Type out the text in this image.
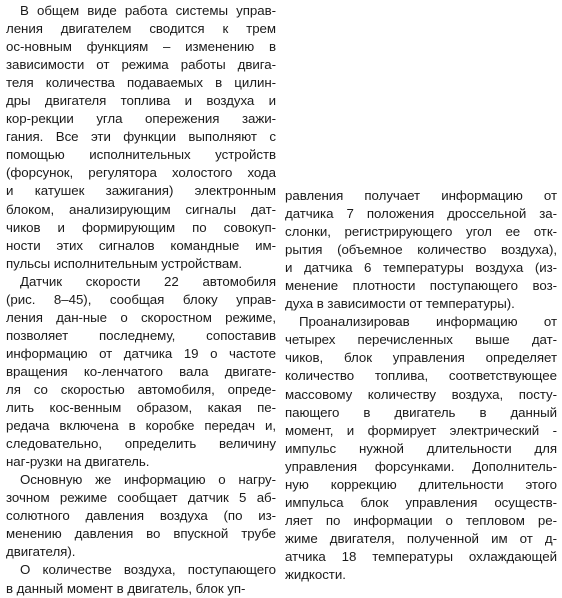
В общем виде работа системы управ-
ления двигателем сводится к трем
ос-новным функциям – изменению в
зависимости от режима работы двига-
теля количества подаваемых в цилин-
дры двигателя топлива и воздуха и
кор-рекции угла опережения зажи-
гания. Все эти функции выполняют с
помощью исполнительных устройств
(форсунок, регулятора холостого хода
и катушек зажигания) электронным
блоком, анализирующим сигналы дат-
чиков и формирующим по совокуп-
ности этих сигналов командные им-
пульсы исполнительным устройствам.
Датчик скорости 22 автомобиля
(рис. 8–45), сообщая блоку управ-
ления дан-ные о скоростном режиме,
позволяет последнему, сопоставив
информацию от датчика 19 о частоте
вращения ко-ленчатого вала двигате-
ля со скоростью автомобиля, опреде-
лить кос-венным образом, какая пе-
редача включена в коробке передач и,
следовательно, определить величину
наг-рузки на двигатель.
Основную же информацию о нагру-
зочном режиме сообщает датчик 5 аб-
солютного давления воздуха (по из-
менению давления во впускной трубе
двигателя).
О количестве воздуха, поступающего
в данный момент в двигатель, блок уп-
равления получает информацию от
датчика 7 положения дроссельной за-
слонки, регистрирующего угол ее отк-
рытия (объемное количество воздуха),
и датчика 6 температуры воздуха (из-
менение плотности поступающего воз-
духа в зависимости от температуры).
Проанализировав информацию от
четырех перечисленных выше дат-
чиков, блок управления определяет
количество топлива, соответствующее
массовому количеству воздуха, посту-
пающего в двигатель в данный
момент, и формирует электрический -
импульс нужной длительности для
управления форсунками. Дополнитель-
ную коррекцию длительности этого
импульса блок управления осуществ-
ляет по информации о тепловом ре-
жиме двигателя, полученной им от д-
атчика 18 температуры охлаждающей
жидкости.
